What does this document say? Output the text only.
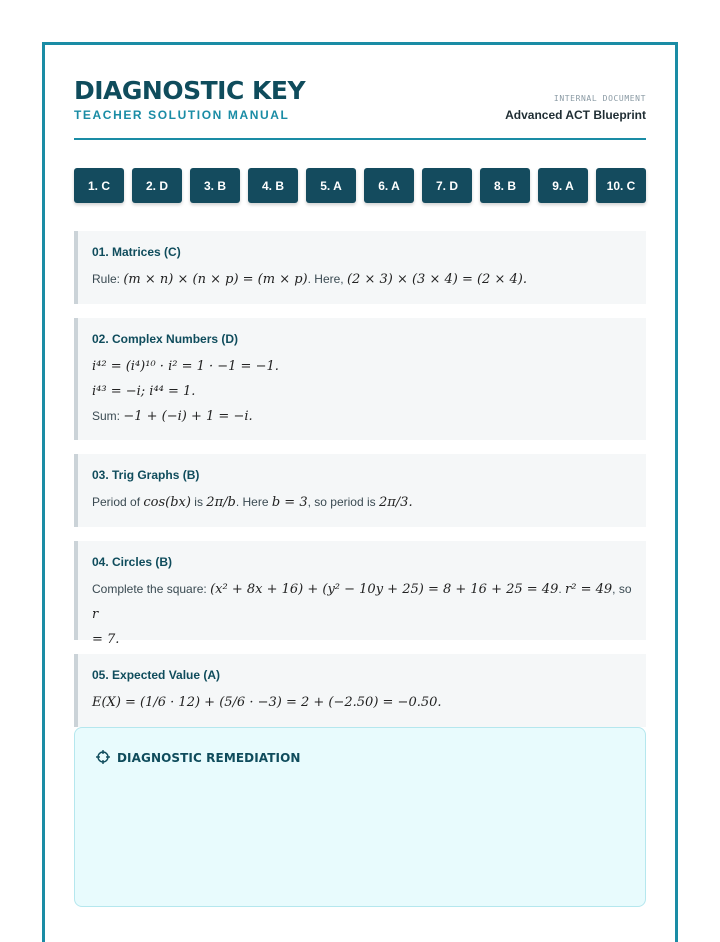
DIAGNOSTIC KEY
TEACHER SOLUTION MANUAL
INTERNAL DOCUMENT
Advanced ACT Blueprint
1. C	2. D	3. B	4. B	5. A	6. A	7. D	8. B	9. A	10. C
01. Matrices (C)

Rule: (m × n) × (n × p) = (m × p). Here, (2 × 3) × (3 × 4) = (2 × 4).

02. Complex Numbers (D)

i⁴² = (i⁴)¹⁰ · i² = 1 · −1 = −1.

i⁴³ = −i; i⁴⁴ = 1.

Sum: −1 + (−i) + 1 = −i.

03. Trig Graphs (B)

Period of cos(bx) is 2π/b. Here b = 3, so period is 2π/3.

04. Circles (B)

Complete the square: (x² + 8x + 16) + (y² − 10y + 25) = 8 + 16 + 25 = 49. r² = 49, so r
= 7.

05. Expected Value (A)

E(X) = (1/6 · 12) + (5/6 · −3) = 2 + (−2.50) = −0.50.

DIAGNOSTIC REMEDIATION
